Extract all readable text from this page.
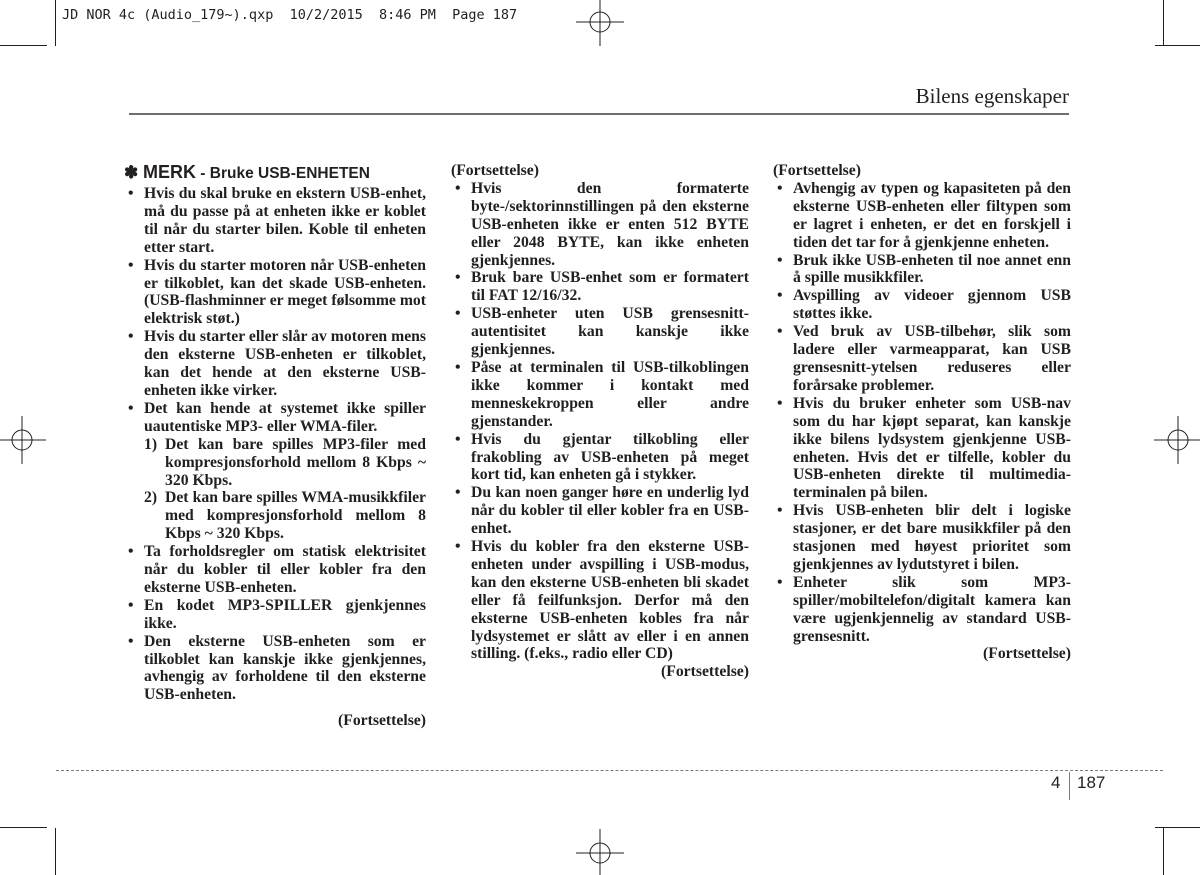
JD NOR 4c (Audio_179~).qxp  10/2/2015  8:46 PM  Page 187
Bilens egenskaper
✽ MERK - Bruke USB-ENHETEN
• Hvis du skal bruke en ekstern USB-enhet, må du passe på at enheten ikke er koblet til når du starter bilen. Koble til enheten etter start.
• Hvis du starter motoren når USB-enheten er tilkoblet, kan det skade USB-enheten. (USB-flashminner er meget følsomme mot elektrisk støt.)
• Hvis du starter eller slår av motoren mens den eksterne USB-enheten er tilkoblet, kan det hende at den eksterne USB-enheten ikke virker.
• Det kan hende at systemet ikke spiller uautentiske MP3- eller WMA-filer.
1) Det kan bare spilles MP3-filer med kompresjonsforhold mellom 8 Kbps ~ 320 Kbps.
2) Det kan bare spilles WMA-musikkfiler med kompresjonsforhold mellom 8 Kbps ~ 320 Kbps.
• Ta forholdsregler om statisk elektrisitet når du kobler til eller kobler fra den eksterne USB-enheten.
• En kodet MP3-SPILLER gjenkjennes ikke.
• Den eksterne USB-enheten som er tilkoblet kan kanskje ikke gjenkjennes, avhengig av forholdene til den eksterne USB-enheten.
(Fortsettelse)
(Fortsettelse)
• Hvis den formaterte byte-/sektorinnstillingen på den eksterne USB-enheten ikke er enten 512 BYTE eller 2048 BYTE, kan ikke enheten gjenkjennes.
• Bruk bare USB-enhet som er formatert til FAT 12/16/32.
• USB-enheter uten USB grensesnitt-autentisitet kan kanskje ikke gjenkjennes.
• Påse at terminalen til USB-tilkoblingen ikke kommer i kontakt med menneskekroppen eller andre gjenstander.
• Hvis du gjentar tilkobling eller frakobling av USB-enheten på meget kort tid, kan enheten gå i stykker.
• Du kan noen ganger høre en underlig lyd når du kobler til eller kobler fra en USB-enhet.
• Hvis du kobler fra den eksterne USB-enheten under avspilling i USB-modus, kan den eksterne USB-enheten bli skadet eller få feilfunksjon. Derfor må den eksterne USB-enheten kobles fra når lydsystemet er slått av eller i en annen stilling. (f.eks., radio eller CD)
(Fortsettelse)
(Fortsettelse)
• Avhengig av typen og kapasiteten på den eksterne USB-enheten eller filtypen som er lagret i enheten, er det en forskjell i tiden det tar for å gjenkjenne enheten.
• Bruk ikke USB-enheten til noe annet enn å spille musikkfiler.
• Avspilling av videoer gjennom USB støttes ikke.
• Ved bruk av USB-tilbehør, slik som ladere eller varmeapparat, kan USB grensesnitt-ytelsen reduseres eller forårsake problemer.
• Hvis du bruker enheter som USB-nav som du har kjøpt separat, kan kanskje ikke bilens lydsystem gjenkjenne USB-enheten. Hvis det er tilfelle, kobler du USB-enheten direkte til multimedia-terminalen på bilen.
• Hvis USB-enheten blir delt i logiske stasjoner, er det bare musikkfiler på den stasjonen med høyest prioritet som gjenkjennes av lydutstyret i bilen.
• Enheter slik som MP3-spiller/mobiltelefon/digitalt kamera kan være ugjenkjennelig av standard USB-grensesnitt.
(Fortsettelse)
4 187
